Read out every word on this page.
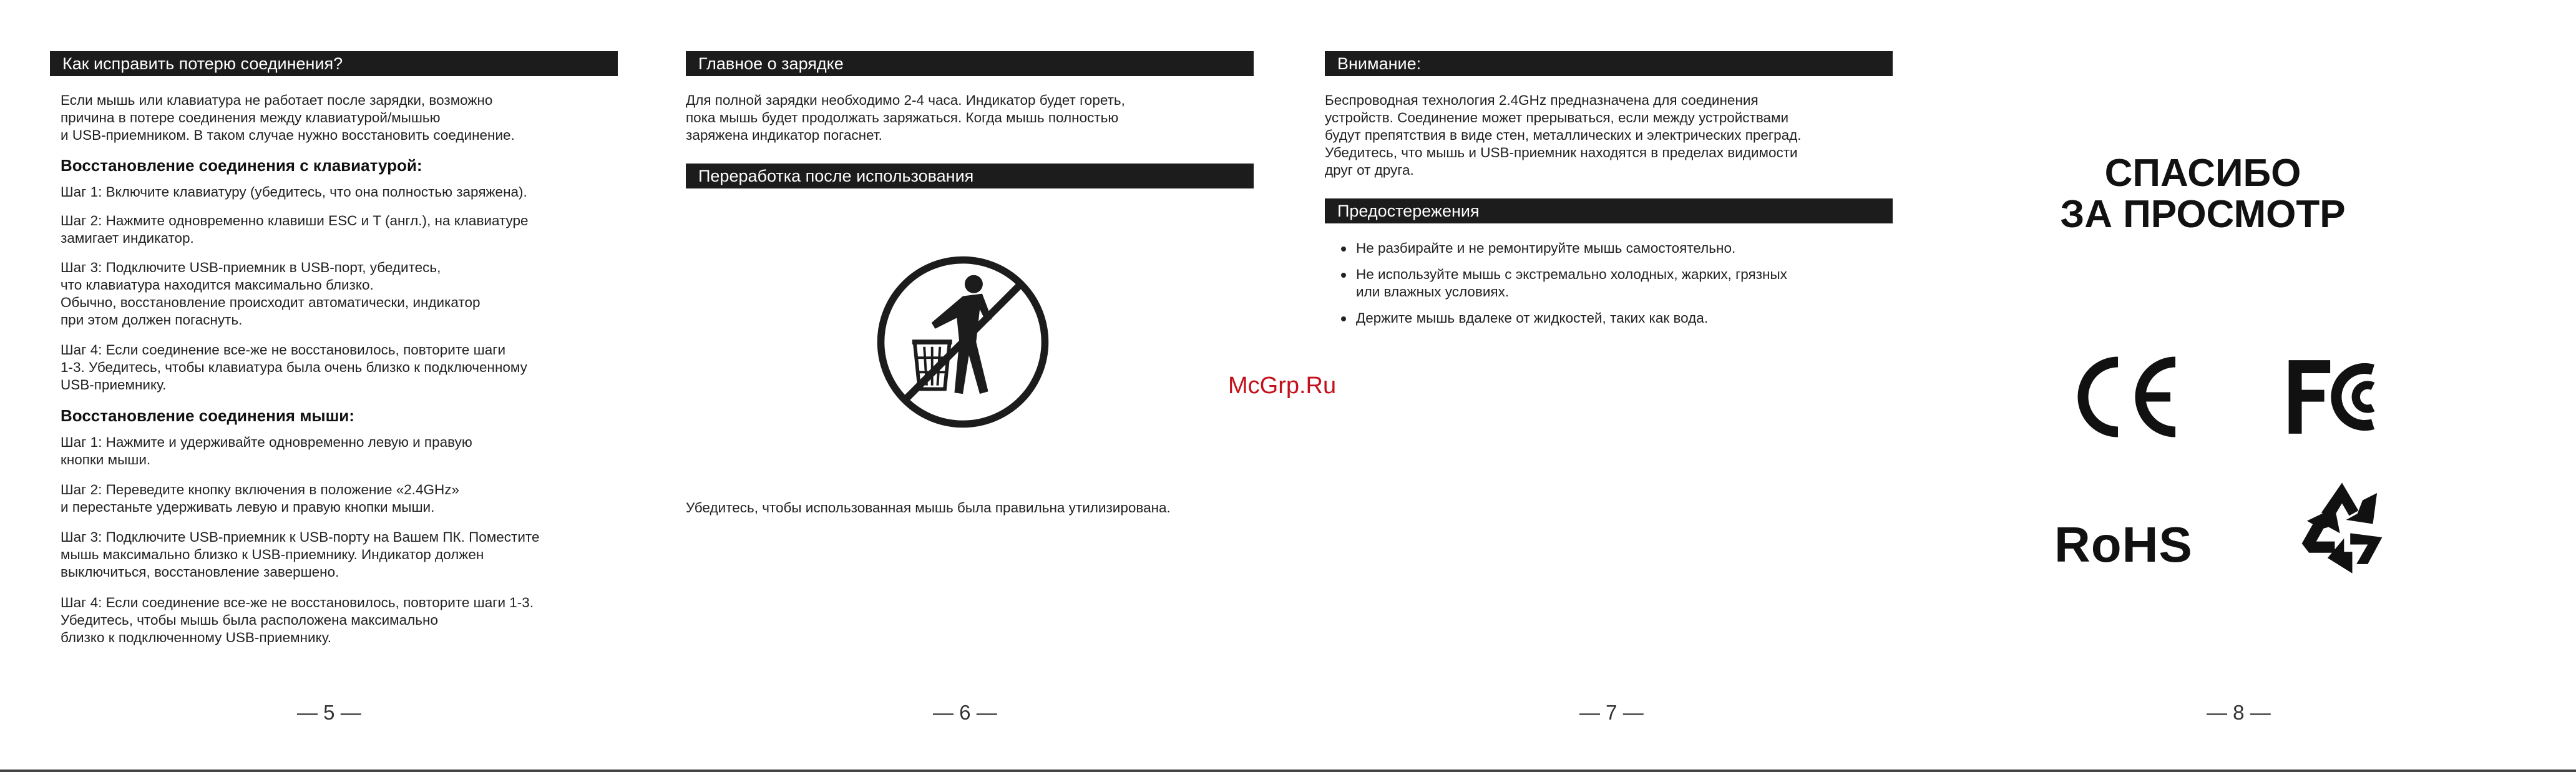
Как исправить потерю соединения?
Если мышь или клавиатура не работает после зарядки, возможно
причина в потере соединения между клавиатурой/мышью
и USB-приемником. В таком случае нужно восстановить соединение.
Восстановление соединения с клавиатурой:
Шаг 1: Включите клавиатуру (убедитесь, что она полностью заряжена).
Шаг 2: Нажмите одновременно клавиши ESC и T (англ.), на клавиатуре
замигает индикатор.
Шаг 3: Подключите USB-приемник в USB-порт, убедитесь,
что клавиатура находится максимально близко.
Обычно, восстановление происходит автоматически, индикатор
при этом должен погаснуть.
Шаг 4: Если соединение все-же не восстановилось, повторите шаги
1-3. Убедитесь, чтобы клавиатура была очень близко к подключенному
USB-приемнику.
Восстановление соединения мыши:
Шаг 1: Нажмите и удерживайте одновременно левую и правую
кнопки мыши.
Шаг 2: Переведите кнопку включения в положение «2.4GHz»
и перестаньте удерживать левую и правую кнопки мыши.
Шаг 3: Подключите USB-приемник к USB-порту на Вашем ПК. Поместите
мышь максимально близко к USB-приемнику. Индикатор должен
выключиться, восстановление завершено.
Шаг 4: Если соединение все-же не восстановилось, повторите шаги 1-3.
Убедитесь, чтобы мышь была расположена максимально
близко к подключенному USB-приемнику.
— 5 —
Главное о зарядке
Для полной зарядки необходимо 2-4 часа. Индикатор будет гореть,
пока мышь будет продолжать заряжаться. Когда мышь полностью
заряжена индикатор погаснет.
Переработка после использования
Убедитесь, чтобы использованная мышь была правильна утилизирована.
— 6 —
Внимание:
Беспроводная технология 2.4GHz предназначена для соединения
устройств. Соединение может прерываться, если между устройствами
будут препятствия в виде стен, металлических и электрических преград.
Убедитесь, что мышь и USB-приемник находятся в пределах видимости
друг от друга.
Предостережения
Не разбирайте и не ремонтируйте мышь самостоятельно.
Не используйте мышь с экстремально холодных, жарких, грязных
или влажных условиях.
Держите мышь вдалеке от жидкостей, таких как вода.
— 7 —
СПАСИБО
ЗА ПРОСМОТР
RoHS
— 8 —
McGrp.Ru
